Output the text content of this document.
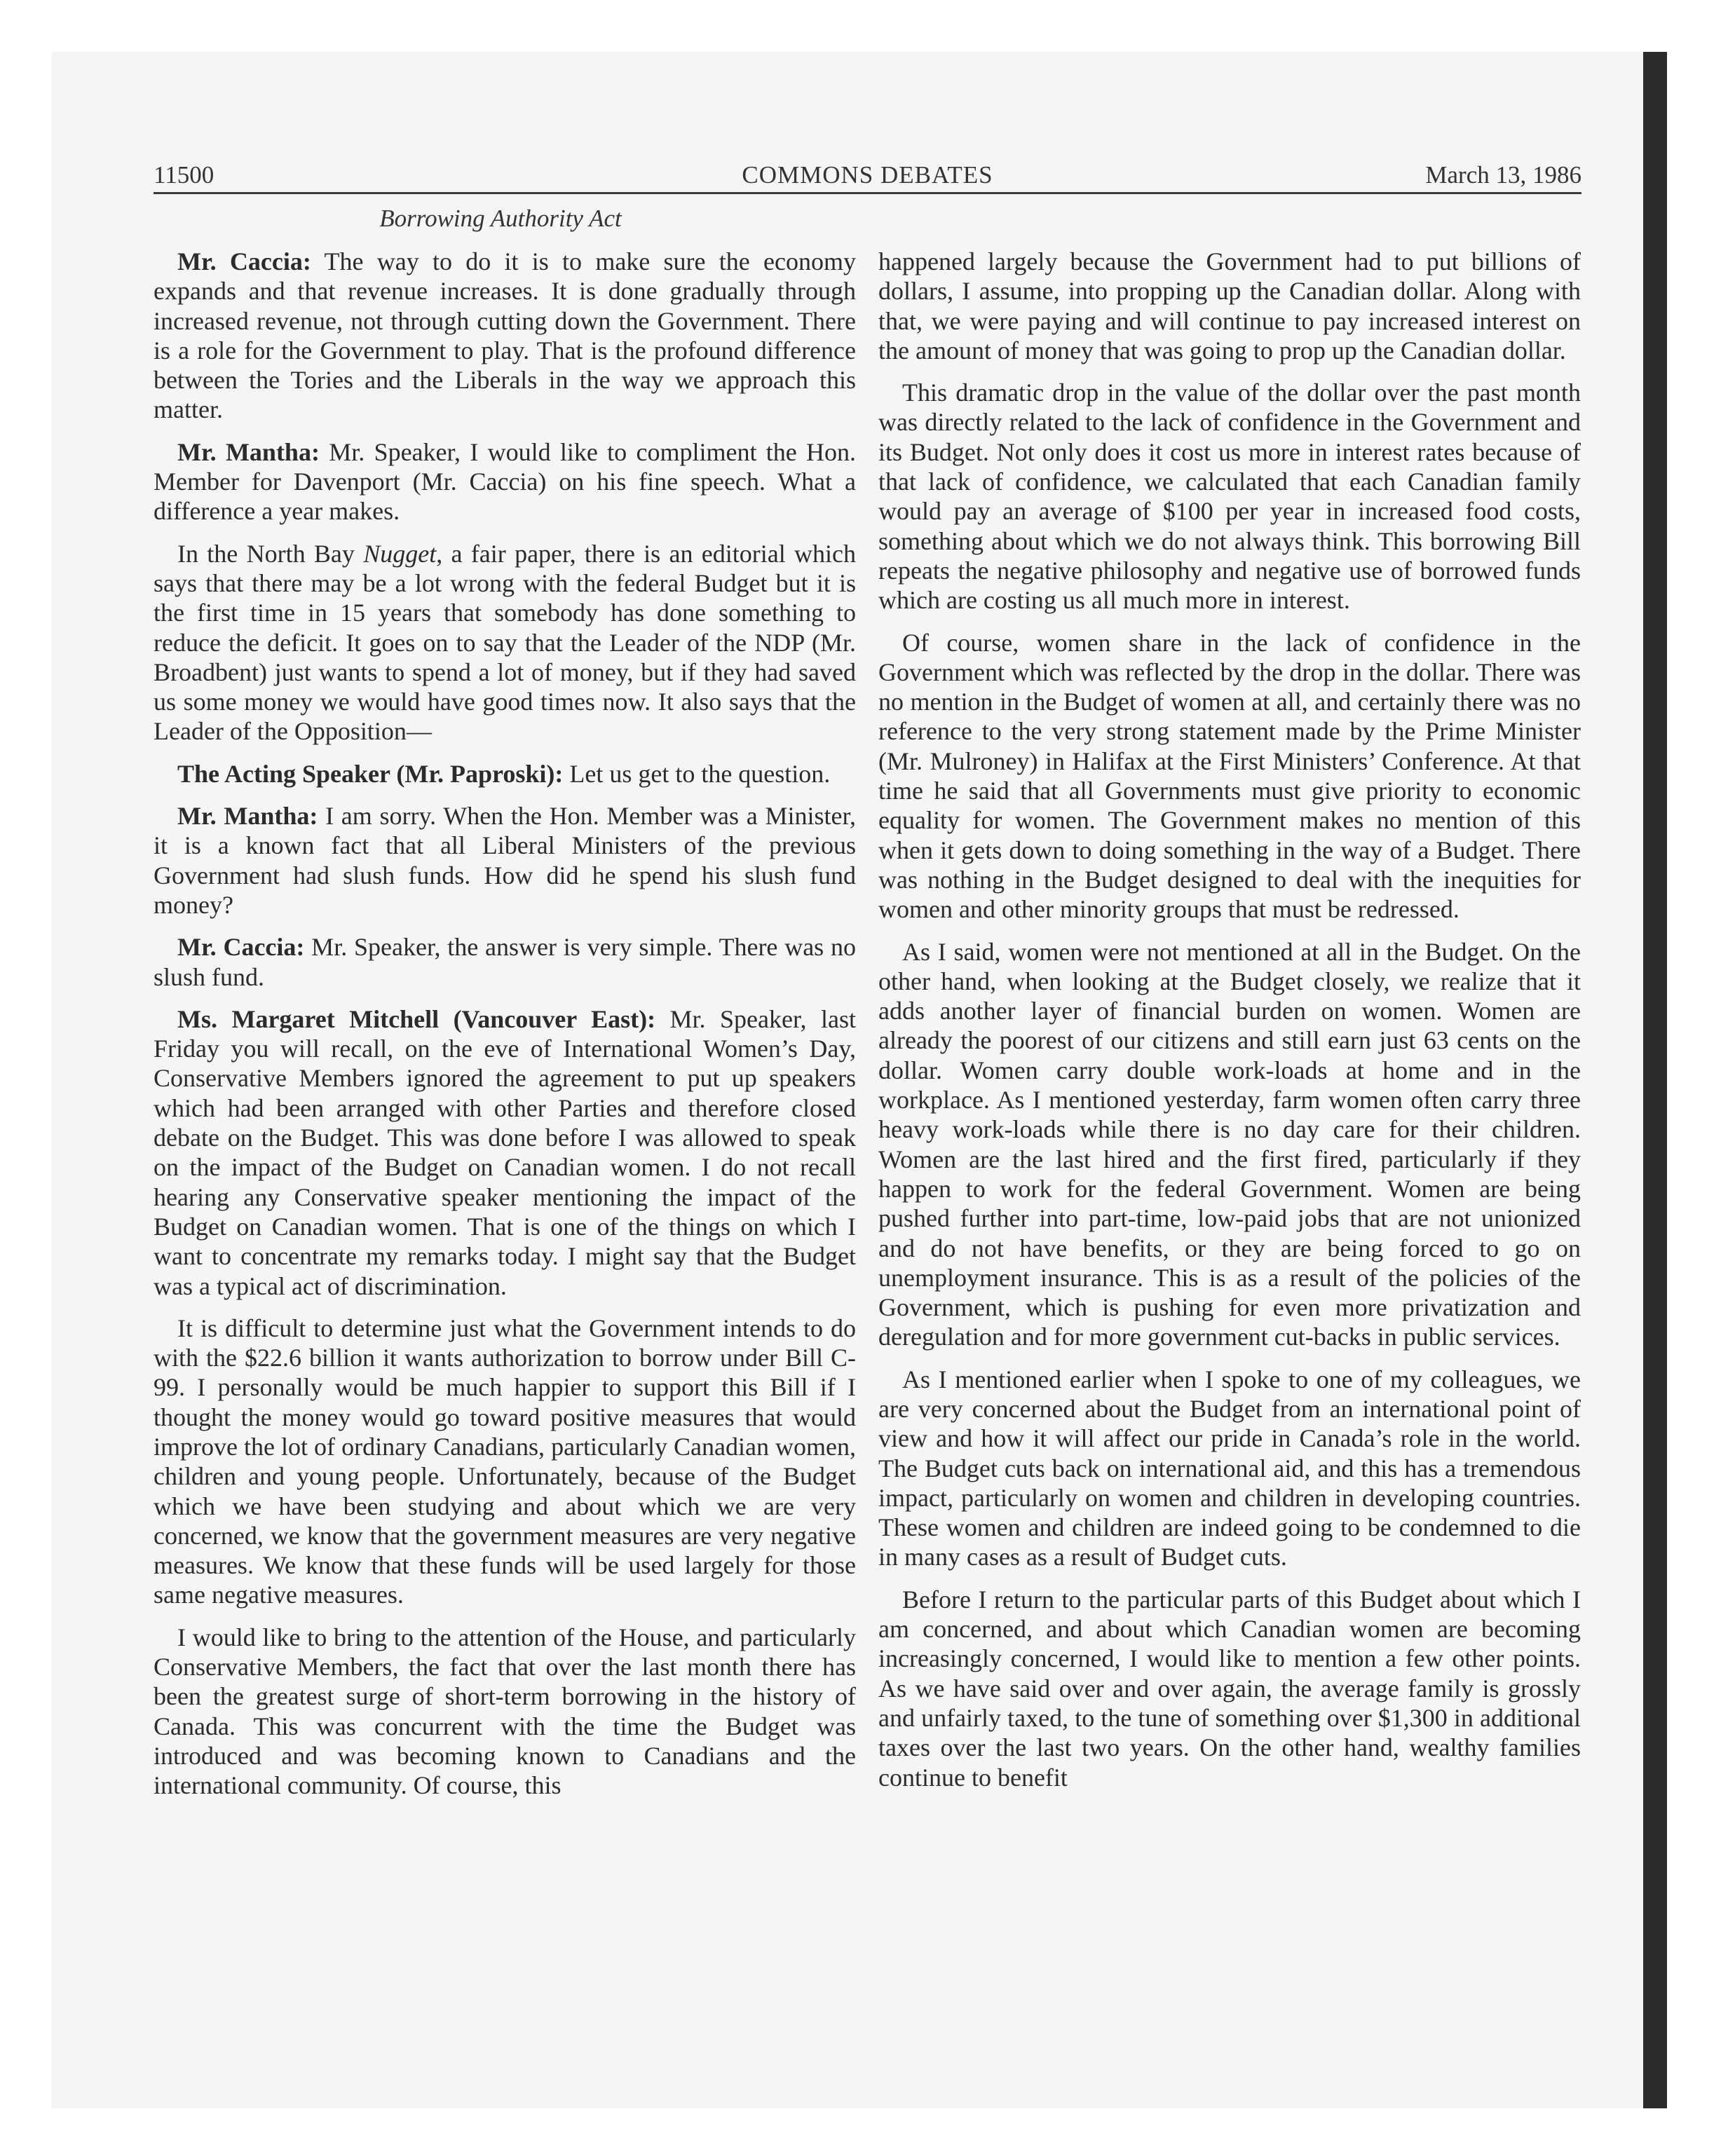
11500	COMMONS DEBATES	March 13, 1986
Borrowing Authority Act

Mr. Caccia: The way to do it is to make sure the economy expands and that revenue increases. It is done gradually through increased revenue, not through cutting down the Government. There is a role for the Government to play. That is the profound difference between the Tories and the Liberals in the way we approach this matter.

Mr. Mantha: Mr. Speaker, I would like to compliment the Hon. Member for Davenport (Mr. Caccia) on his fine speech. What a difference a year makes.

In the North Bay Nugget, a fair paper, there is an editorial which says that there may be a lot wrong with the federal Budget but it is the first time in 15 years that somebody has done something to reduce the deficit. It goes on to say that the Leader of the NDP (Mr. Broadbent) just wants to spend a lot of money, but if they had saved us some money we would have good times now. It also says that the Leader of the Opposition—

The Acting Speaker (Mr. Paproski): Let us get to the question.

Mr. Mantha: I am sorry. When the Hon. Member was a Minister, it is a known fact that all Liberal Ministers of the previous Government had slush funds. How did he spend his slush fund money?

Mr. Caccia: Mr. Speaker, the answer is very simple. There was no slush fund.

Ms. Margaret Mitchell (Vancouver East): Mr. Speaker, last Friday you will recall, on the eve of International Women’s Day, Conservative Members ignored the agreement to put up speakers which had been arranged with other Parties and therefore closed debate on the Budget. This was done before I was allowed to speak on the impact of the Budget on Canadian women. I do not recall hearing any Conservative speaker mentioning the impact of the Budget on Canadian women. That is one of the things on which I want to concentrate my remarks today. I might say that the Budget was a typical act of discrimination.

It is difficult to determine just what the Government intends to do with the $22.6 billion it wants authorization to borrow under Bill C-99. I personally would be much happier to support this Bill if I thought the money would go toward positive measures that would improve the lot of ordinary Canadians, particularly Canadian women, children and young people. Unfortunately, because of the Budget which we have been studying and about which we are very concerned, we know that the government measures are very negative measures. We know that these funds will be used largely for those same negative measures.

I would like to bring to the attention of the House, and particularly Conservative Members, the fact that over the last month there has been the greatest surge of short-term borrowing in the history of Canada. This was concurrent with the time the Budget was introduced and was becoming known to Canadians and the international community. Of course, this

happened largely because the Government had to put billions of dollars, I assume, into propping up the Canadian dollar. Along with that, we were paying and will continue to pay increased interest on the amount of money that was going to prop up the Canadian dollar.

This dramatic drop in the value of the dollar over the past month was directly related to the lack of confidence in the Government and its Budget. Not only does it cost us more in interest rates because of that lack of confidence, we calculated that each Canadian family would pay an average of $100 per year in increased food costs, something about which we do not always think. This borrowing Bill repeats the negative philosophy and negative use of borrowed funds which are costing us all much more in interest.

Of course, women share in the lack of confidence in the Government which was reflected by the drop in the dollar. There was no mention in the Budget of women at all, and certainly there was no reference to the very strong statement made by the Prime Minister (Mr. Mulroney) in Halifax at the First Ministers’ Conference. At that time he said that all Governments must give priority to economic equality for women. The Government makes no mention of this when it gets down to doing something in the way of a Budget. There was nothing in the Budget designed to deal with the inequities for women and other minority groups that must be redressed.

As I said, women were not mentioned at all in the Budget. On the other hand, when looking at the Budget closely, we realize that it adds another layer of financial burden on women. Women are already the poorest of our citizens and still earn just 63 cents on the dollar. Women carry double work-loads at home and in the workplace. As I mentioned yesterday, farm women often carry three heavy work-loads while there is no day care for their children. Women are the last hired and the first fired, particularly if they happen to work for the federal Government. Women are being pushed further into part-time, low-paid jobs that are not unionized and do not have benefits, or they are being forced to go on unemployment insurance. This is as a result of the policies of the Government, which is pushing for even more privatization and deregulation and for more government cut-backs in public services.

As I mentioned earlier when I spoke to one of my colleagues, we are very concerned about the Budget from an international point of view and how it will affect our pride in Canada’s role in the world. The Budget cuts back on international aid, and this has a tremendous impact, particularly on women and children in developing countries. These women and children are indeed going to be condemned to die in many cases as a result of Budget cuts.

Before I return to the particular parts of this Budget about which I am concerned, and about which Canadian women are becoming increasingly concerned, I would like to mention a few other points. As we have said over and over again, the average family is grossly and unfairly taxed, to the tune of something over $1,300 in additional taxes over the last two years. On the other hand, wealthy families continue to benefit
